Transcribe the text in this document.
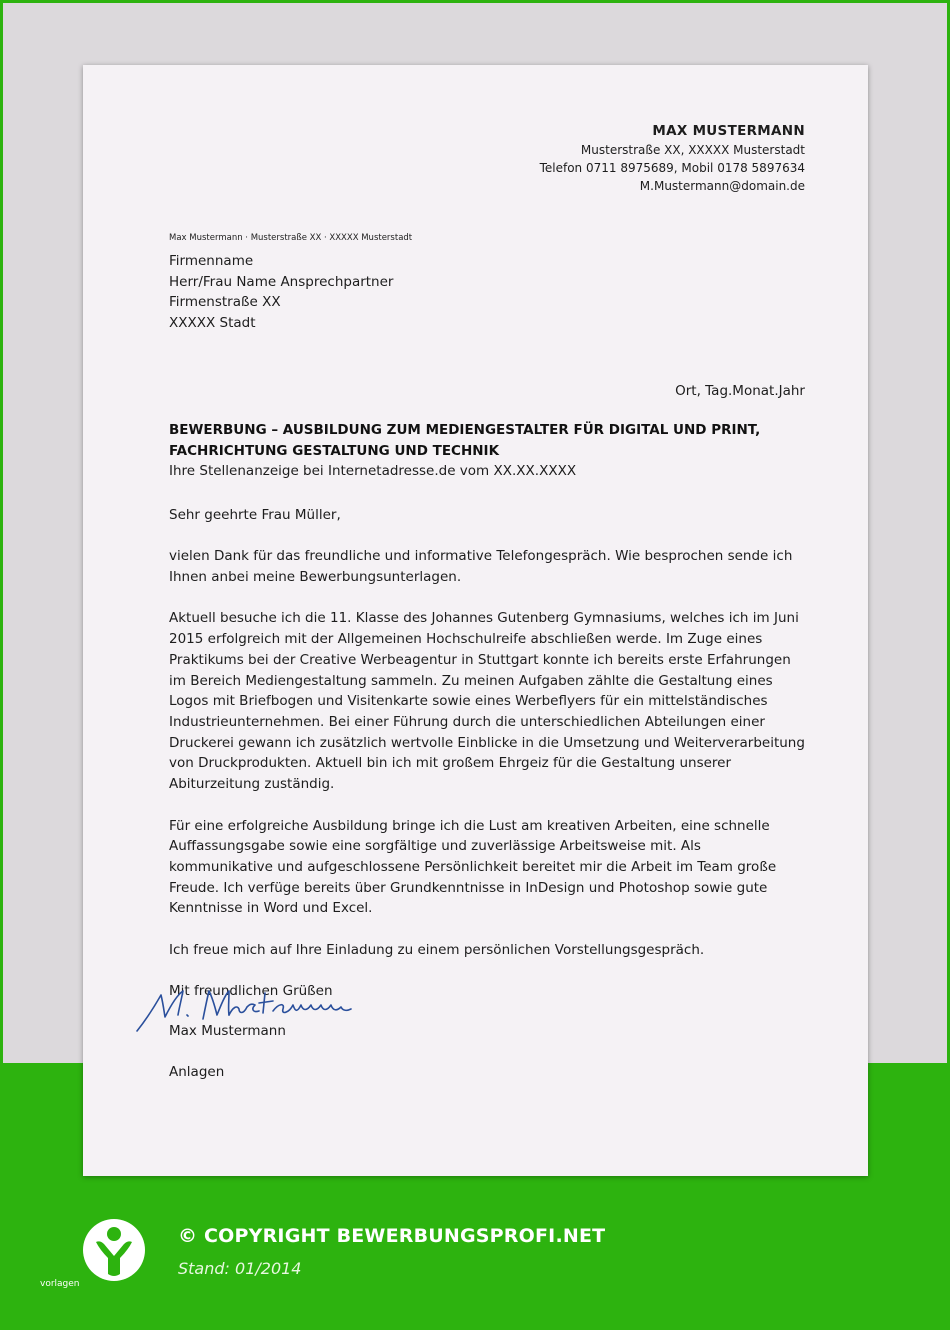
MAX MUSTERMANN
Musterstraße XX, XXXXX Musterstadt
Telefon 0711 8975689, Mobil 0178 5897634
M.Mustermann@domain.de
Max Mustermann · Musterstraße XX · XXXXX Musterstadt
Firmenname
Herr/Frau Name Ansprechpartner
Firmenstraße XX
XXXXX Stadt
Ort, Tag.Monat.Jahr
BEWERBUNG – AUSBILDUNG ZUM MEDIENGESTALTER FÜR DIGITAL UND PRINT,
FACHRICHTUNG GESTALTUNG UND TECHNIK
Ihre Stellenanzeige bei Internetadresse.de vom XX.XX.XXXX

Sehr geehrte Frau Müller,

vielen Dank für das freundliche und informative Telefongespräch. Wie besprochen sende ich Ihnen anbei meine Bewerbungsunterlagen.

Aktuell besuche ich die 11. Klasse des Johannes Gutenberg Gymnasiums, welches ich im Juni 2015 erfolgreich mit der Allgemeinen Hochschulreife abschließen werde. Im Zuge eines Praktikums bei der Creative Werbeagentur in Stuttgart konnte ich bereits erste Erfahrungen im Bereich Mediengestaltung sammeln. Zu meinen Aufgaben zählte die Gestaltung eines Logos mit Briefbogen und Visitenkarte sowie eines Werbeflyers für ein mittelständisches Industrieunternehmen. Bei einer Führung durch die unterschiedlichen Abteilungen einer Druckerei gewann ich zusätzlich wertvolle Einblicke in die Umsetzung und Weiterverarbeitung von Druckprodukten. Aktuell bin ich mit großem Ehrgeiz für die Gestaltung unserer Abiturzeitung zuständig.

Für eine erfolgreiche Ausbildung bringe ich die Lust am kreativen Arbeiten, eine schnelle Auffassungsgabe sowie eine sorgfältige und zuverlässige Arbeitsweise mit. Als kommunikative und aufgeschlossene Persönlichkeit bereitet mir die Arbeit im Team große Freude. Ich verfüge bereits über Grundkenntnisse in InDesign und Photoshop sowie gute Kenntnisse in Word und Excel.

Ich freue mich auf Ihre Einladung zu einem persönlichen Vorstellungsgespräch.

Mit freundlichen Grüßen

Max Mustermann
Anlagen
© COPYRIGHT BEWERBUNGSPROFI.NET
Stand: 01/2014
vorlagen
